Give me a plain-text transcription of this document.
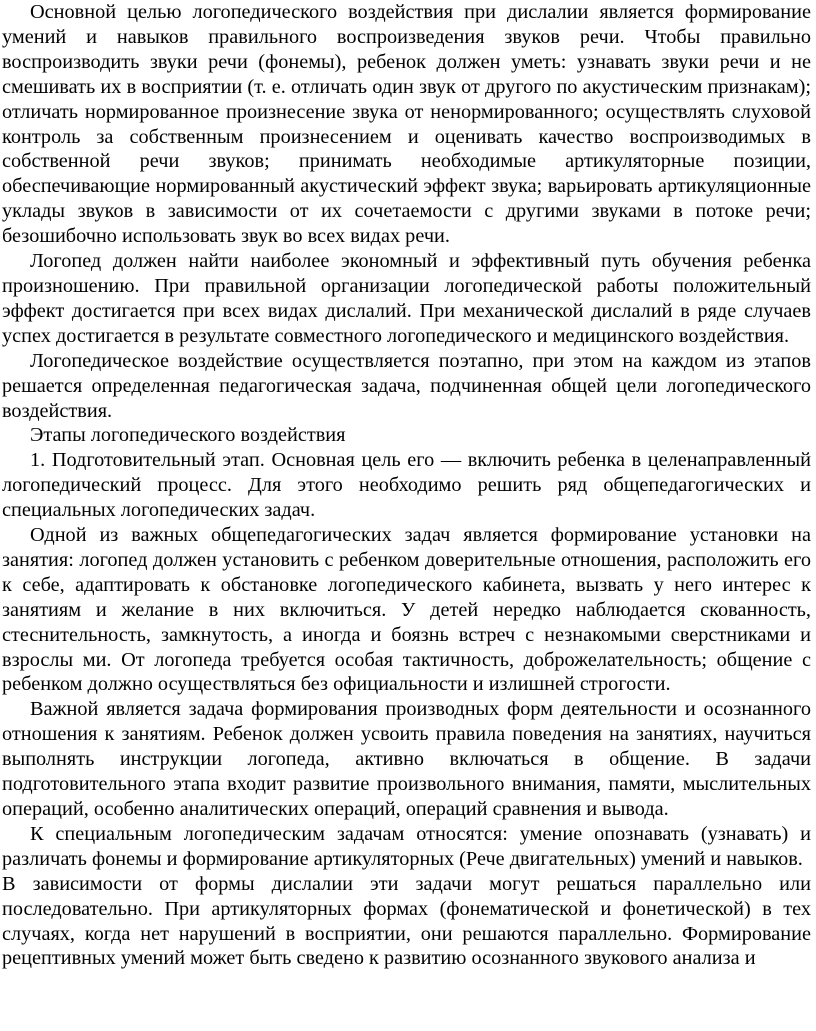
Основной целью логопедического воздействия при дислалии является формирование умений и навыков правильного воспроизведения звуков речи. Чтобы правильно воспроизводить звуки речи (фонемы), ребенок должен уметь: узнавать звуки речи и не смешивать их в восприятии (т. е. отличать один звук от другого по акустическим признакам); отличать нормированное произнесение звука от ненормированного; осуществлять слуховой контроль за собственным произнесением и оценивать качество воспроизводимых в собственной речи звуков; принимать необходимые артикуляторные позиции, обеспечивающие нормированный акустический эффект звука; варьировать артикуляционные уклады звуков в зависимости от их сочетаемости с другими звуками в потоке речи; безошибочно использовать звук во всех видах речи.

Логопед должен найти наиболее экономный и эффективный путь обучения ребенка произношению. При правильной организации логопедической работы положительный эффект достигается при всех видах дислалий. При механической дислалий в ряде случаев успех достигается в результате совместного логопедического и медицинского воздействия.

Логопедическое воздействие осуществляется поэтапно, при этом на каждом из этапов решается определенная педагогическая задача, подчиненная общей цели логопедического воздействия.

Этапы логопедического воздействия

1. Подготовительный этап. Основная цель его — включить ребенка в целенаправленный логопедический процесс. Для этого необходимо решить ряд общепедагогических и специальных логопедических задач.

Одной из важных общепедагогических задач является формирование установки на занятия: логопед должен установить с ребенком доверительные отношения, расположить его к себе, адаптировать к обстановке логопедического кабинета, вызвать у него интерес к занятиям и желание в них включиться. У детей нередко наблюдается скованность, стеснительность, замкнутость, а иногда и боязнь встреч с незнакомыми сверстниками и взрослы ми. От логопеда требуется особая тактичность, доброжелательность; общение с ребенком должно осуществляться без официальности и излишней строгости.

Важной является задача формирования производных форм деятельности и осознанного отношения к занятиям. Ребенок должен усвоить правила поведения на занятиях, научиться выполнять инструкции логопеда, активно включаться в общение. В задачи подготовительного этапа входит развитие произвольного внимания, памяти, мыслительных операций, особенно аналитических операций, операций сравнения и вывода.

К специальным логопедическим задачам относятся: умение опознавать (узнавать) и различать фонемы и формирование артикуляторных (Рече двигательных) умений и навыков.

В зависимости от формы дислалии эти задачи могут решаться параллельно или последовательно. При артикуляторных формах (фонематической и фонетической) в тех случаях, когда нет нарушений в восприятии, они решаются параллельно. Формирование рецептивных умений может быть сведено к развитию осознанного звукового анализа и
